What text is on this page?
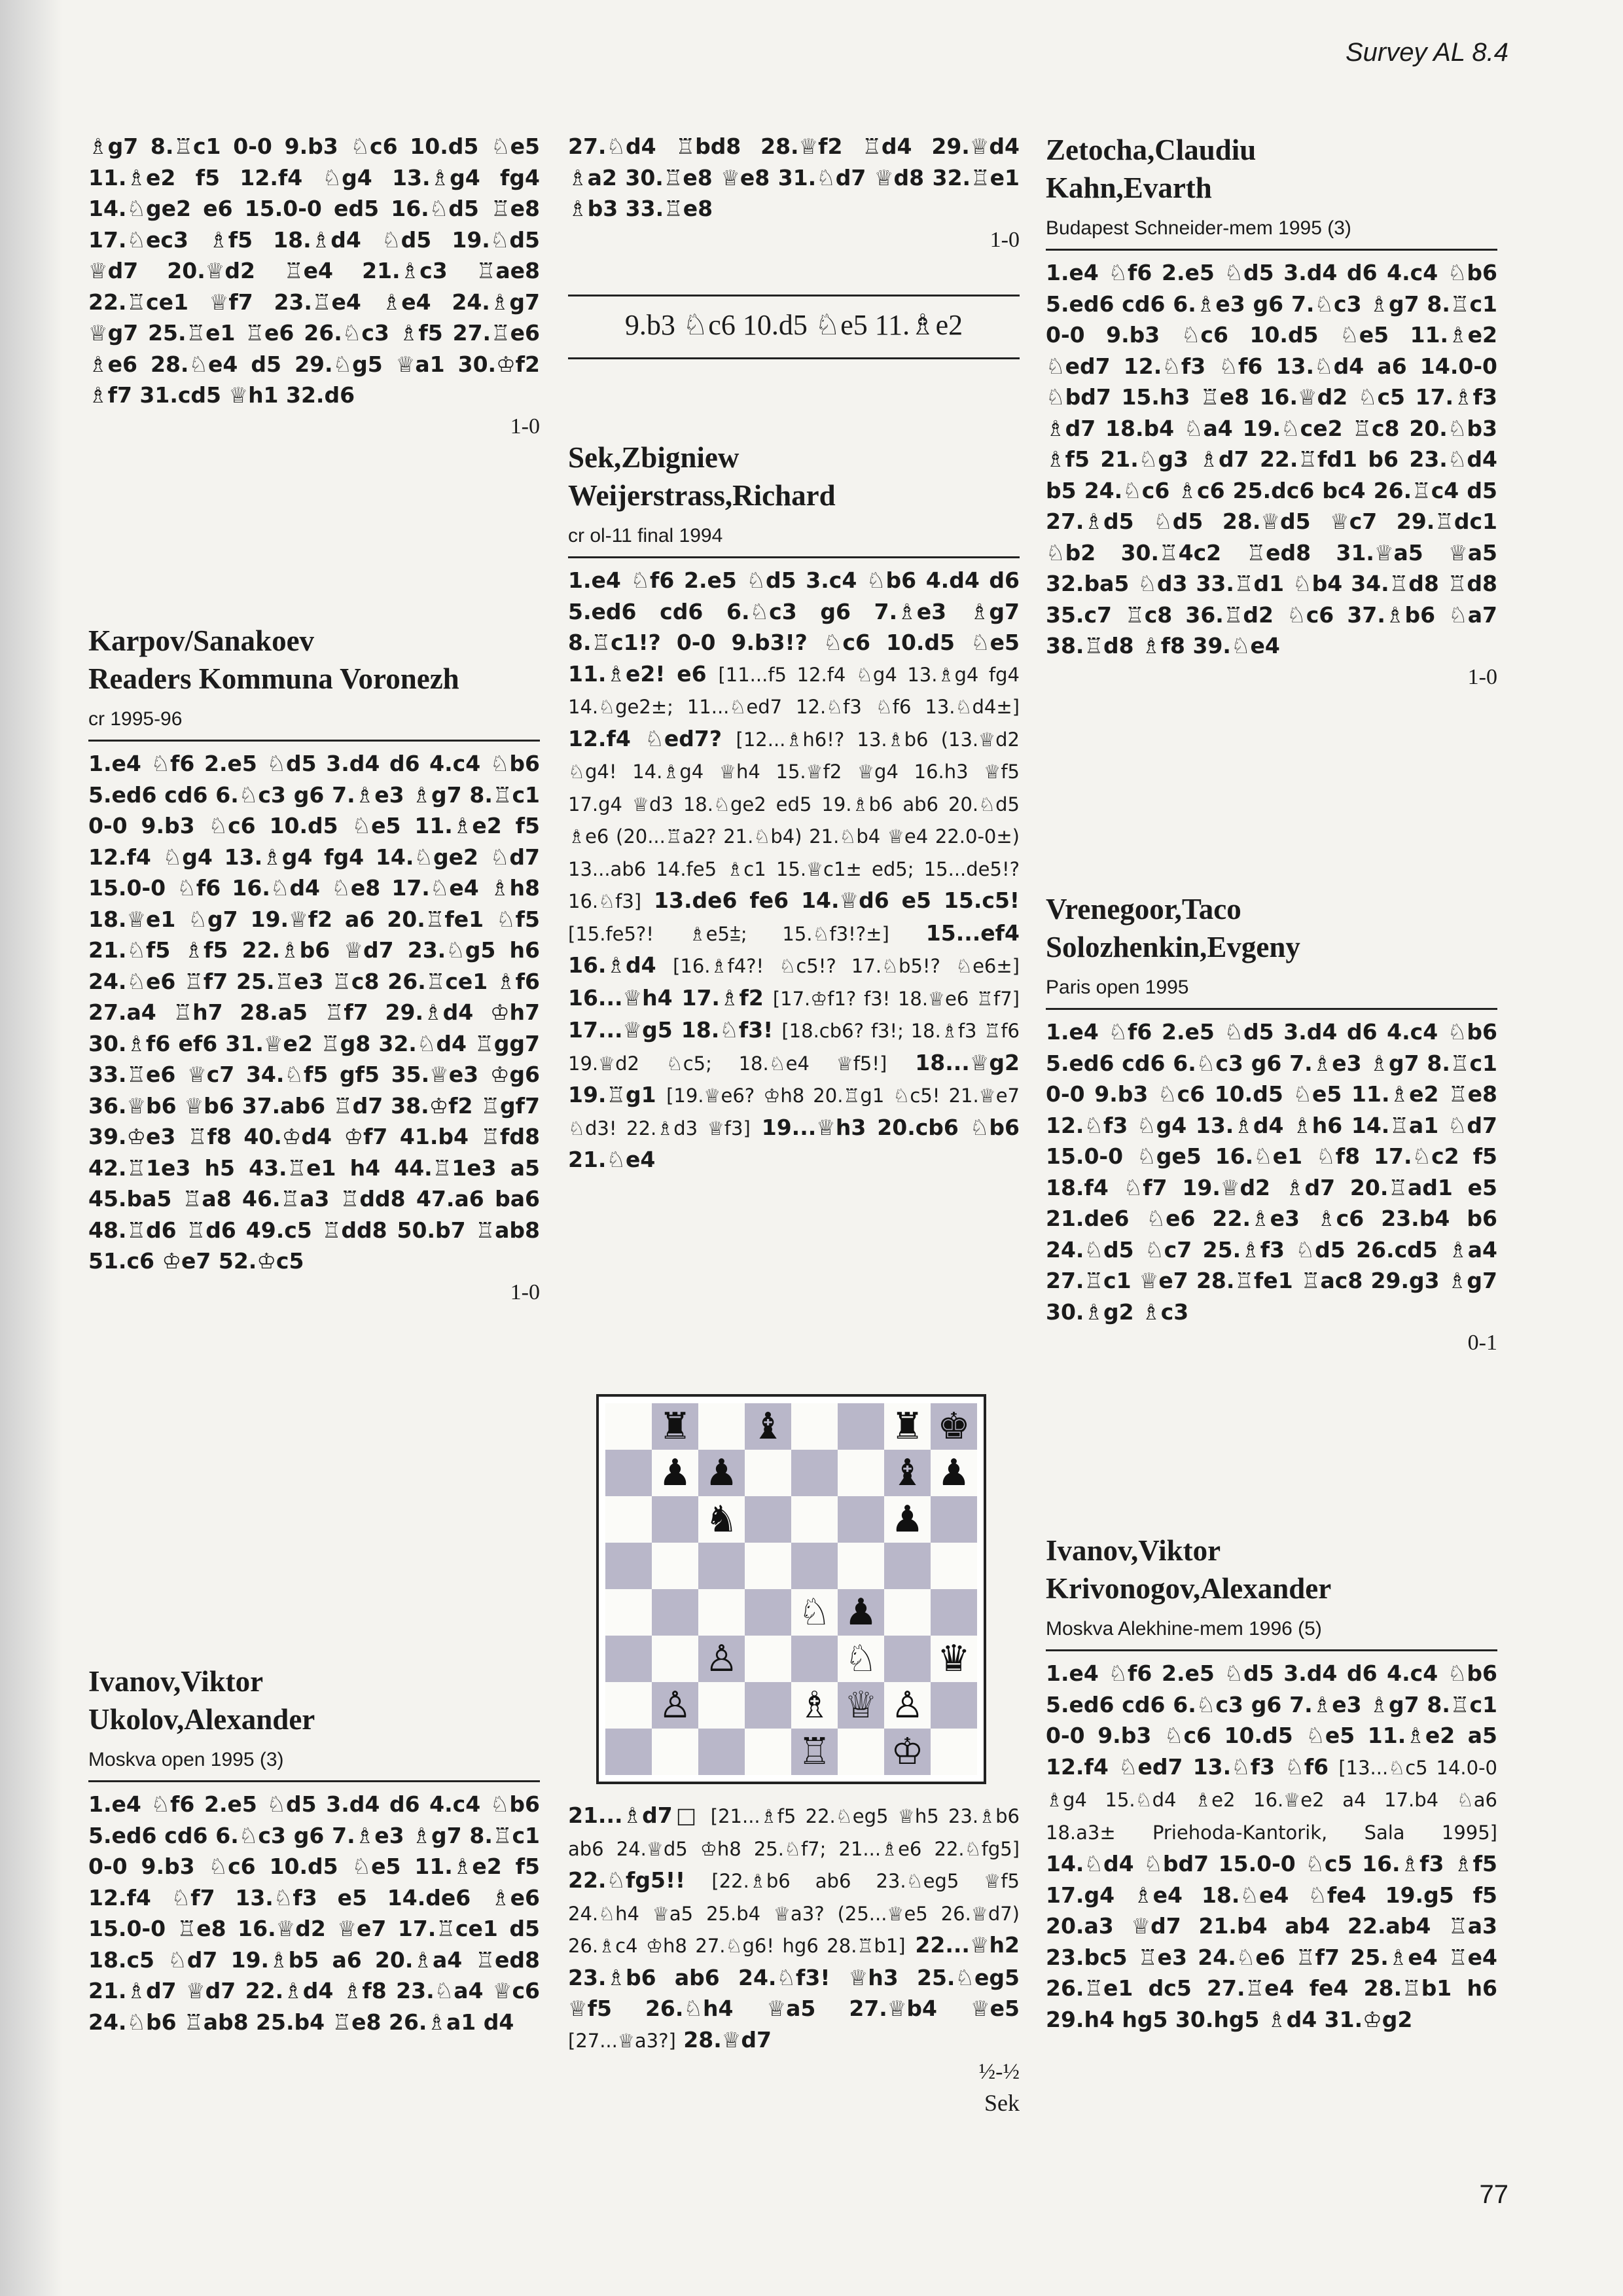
Survey AL 8.4

♗g7 8.♖c1 0-0 9.b3 ♘c6 10.d5 ♘e5 11.♗e2 f5 12.f4 ♘g4 13.♗g4 fg4 14.♘ge2 e6 15.0-0 ed5 16.♘d5 ♖e8 17.♘ec3 ♗f5 18.♗d4 ♘d5 19.♘d5 ♕d7 20.♕d2 ♖e4 21.♗c3 ♖ae8 22.♖ce1 ♕f7 23.♖e4 ♗e4 24.♗g7 ♕g7 25.♖e1 ♖e6 26.♘c3 ♗f5 27.♖e6 ♗e6 28.♘e4 d5 29.♘g5 ♕a1 30.♔f2 ♗f7 31.cd5 ♕h1 32.d6
1-0

Karpov/Sanakoev

Readers Kommuna Voronezh

cr 1995-96

1.e4 ♘f6 2.e5 ♘d5 3.d4 d6 4.c4 ♘b6 5.ed6 cd6 6.♘c3 g6 7.♗e3 ♗g7 8.♖c1 0-0 9.b3 ♘c6 10.d5 ♘e5 11.♗e2 f5 12.f4 ♘g4 13.♗g4 fg4 14.♘ge2 ♘d7 15.0-0 ♘f6 16.♘d4 ♘e8 17.♘e4 ♗h8 18.♕e1 ♘g7 19.♕f2 a6 20.♖fe1 ♘f5 21.♘f5 ♗f5 22.♗b6 ♕d7 23.♘g5 h6 24.♘e6 ♖f7 25.♖e3 ♖c8 26.♖ce1 ♗f6 27.a4 ♖h7 28.a5 ♖f7 29.♗d4 ♔h7 30.♗f6 ef6 31.♕e2 ♖g8 32.♘d4 ♖gg7 33.♖e6 ♕c7 34.♘f5 gf5 35.♕e3 ♔g6 36.♕b6 ♕b6 37.ab6 ♖d7 38.♔f2 ♖gf7 39.♔e3 ♖f8 40.♔d4 ♔f7 41.b4 ♖fd8 42.♖1e3 h5 43.♖e1 h4 44.♖1e3 a5 45.ba5 ♖a8 46.♖a3 ♖dd8 47.a6 ba6 48.♖d6 ♖d6 49.c5 ♖dd8 50.b7 ♖ab8 51.c6 ♔e7 52.♔c5
1-0

Ivanov,Viktor

Ukolov,Alexander

Moskva open 1995 (3)

1.e4 ♘f6 2.e5 ♘d5 3.d4 d6 4.c4 ♘b6 5.ed6 cd6 6.♘c3 g6 7.♗e3 ♗g7 8.♖c1 0-0 9.b3 ♘c6 10.d5 ♘e5 11.♗e2 f5 12.f4 ♘f7 13.♘f3 e5 14.de6 ♗e6 15.0-0 ♖e8 16.♕d2 ♕e7 17.♖ce1 d5 18.c5 ♘d7 19.♗b5 a6 20.♗a4 ♖ed8 21.♗d7 ♕d7 22.♗d4 ♗f8 23.♘a4 ♕c6 24.♘b6 ♖ab8 25.b4 ♖e8 26.♗a1 d4

27.♘d4 ♖bd8 28.♕f2 ♖d4 29.♕d4 ♗a2 30.♖e8 ♕e8 31.♘d7 ♕d8 32.♖e1 ♗b3 33.♖e8
1-0

9.b3 ♘c6 10.d5 ♘e5 11.♗e2

Sek,Zbigniew

Weijerstrass,Richard

cr ol-11 final 1994

1.e4 ♘f6 2.e5 ♘d5 3.c4 ♘b6 4.d4 d6 5.ed6 cd6 6.♘c3 g6 7.♗e3 ♗g7 8.♖c1!? 0-0 9.b3!? ♘c6 10.d5 ♘e5 11.♗e2! e6 [11...f5 12.f4 ♘g4 13.♗g4 fg4 14.♘ge2±; 11...♘ed7 12.♘f3 ♘f6 13.♘d4±] 12.f4 ♘ed7? [12...♗h6!? 13.♗b6 (13.♕d2 ♘g4! 14.♗g4 ♕h4 15.♕f2 ♕g4 16.h3 ♕f5 17.g4 ♕d3 18.♘ge2 ed5 19.♗b6 ab6 20.♘d5 ♗e6 (20...♖a2? 21.♘b4) 21.♘b4 ♕e4 22.0-0±) 13...ab6 14.fe5 ♗c1 15.♕c1± ed5; 15...de5!? 16.♘f3] 13.de6 fe6 14.♕d6 e5 15.c5! [15.fe5?! ♗e5⩲; 15.♘f3!?±] 15...ef4 16.♗d4 [16.♗f4?! ♘c5!? 17.♘b5!? ♘e6±] 16...♕h4 17.♗f2 [17.♔f1? f3! 18.♕e6 ♖f7] 17...♕g5 18.♘f3! [18.cb6? f3!; 18.♗f3 ♖f6 19.♕d2 ♘c5; 18.♘e4 ♕f5!] 18...♕g2 19.♖g1 [19.♕e6? ♔h8 20.♖g1 ♘c5! 21.♕e7 ♘d3! 22.♗d3 ♕f3] 19...♕h3 20.cb6 ♘b6 21.♘e4

♜ ♝	♜ ♚
♟ ♟	♝ ♟
♞	♟
♘ ♟
♙	♘ ♛
♙	♗ ♕ ♙
♖ ♔

21...♗d7□ [21...♗f5 22.♘eg5 ♕h5 23.♗b6 ab6 24.♕d5 ♔h8 25.♘f7; 21...♗e6 22.♘fg5] 22.♘fg5!! [22.♗b6 ab6 23.♘eg5 ♕f5 24.♘h4 ♕a5 25.b4 ♕a3? (25...♕e5 26.♕d7) 26.♗c4 ♔h8 27.♘g6! hg6 28.♖b1] 22...♕h2 23.♗b6 ab6 24.♘f3! ♕h3 25.♘eg5 ♕f5 26.♘h4 ♕a5 27.♕b4 ♕e5 [27...♕a3?] 28.♕d7
½-½
Sek

Zetocha,Claudiu

Kahn,Evarth

Budapest Schneider-mem 1995 (3)

1.e4 ♘f6 2.e5 ♘d5 3.d4 d6 4.c4 ♘b6 5.ed6 cd6 6.♗e3 g6 7.♘c3 ♗g7 8.♖c1 0-0 9.b3 ♘c6 10.d5 ♘e5 11.♗e2 ♘ed7 12.♘f3 ♘f6 13.♘d4 a6 14.0-0 ♘bd7 15.h3 ♖e8 16.♕d2 ♘c5 17.♗f3 ♗d7 18.b4 ♘a4 19.♘ce2 ♖c8 20.♘b3 ♗f5 21.♘g3 ♗d7 22.♖fd1 b6 23.♘d4 b5 24.♘c6 ♗c6 25.dc6 bc4 26.♖c4 d5 27.♗d5 ♘d5 28.♕d5 ♕c7 29.♖dc1 ♘b2 30.♖4c2 ♖ed8 31.♕a5 ♕a5 32.ba5 ♘d3 33.♖d1 ♘b4 34.♖d8 ♖d8 35.c7 ♖c8 36.♖d2 ♘c6 37.♗b6 ♘a7 38.♖d8 ♗f8 39.♘e4
1-0

Vrenegoor,Taco

Solozhenkin,Evgeny

Paris open 1995

1.e4 ♘f6 2.e5 ♘d5 3.d4 d6 4.c4 ♘b6 5.ed6 cd6 6.♘c3 g6 7.♗e3 ♗g7 8.♖c1 0-0 9.b3 ♘c6 10.d5 ♘e5 11.♗e2 ♖e8 12.♘f3 ♘g4 13.♗d4 ♗h6 14.♖a1 ♘d7 15.0-0 ♘ge5 16.♘e1 ♘f8 17.♘c2 f5 18.f4 ♘f7 19.♕d2 ♗d7 20.♖ad1 e5 21.de6 ♘e6 22.♗e3 ♗c6 23.b4 b6 24.♘d5 ♘c7 25.♗f3 ♘d5 26.cd5 ♗a4 27.♖c1 ♕e7 28.♖fe1 ♖ac8 29.g3 ♗g7 30.♗g2 ♗c3
0-1

Ivanov,Viktor

Krivonogov,Alexander

Moskva Alekhine-mem 1996 (5)

1.e4 ♘f6 2.e5 ♘d5 3.d4 d6 4.c4 ♘b6 5.ed6 cd6 6.♘c3 g6 7.♗e3 ♗g7 8.♖c1 0-0 9.b3 ♘c6 10.d5 ♘e5 11.♗e2 a5 12.f4 ♘ed7 13.♘f3 ♘f6 [13...♘c5 14.0-0 ♗g4 15.♘d4 ♗e2 16.♕e2 a4 17.b4 ♘a6 18.a3± Priehoda-Kantorik, Sala 1995] 14.♘d4 ♘bd7 15.0-0 ♘c5 16.♗f3 ♗f5 17.g4 ♗e4 18.♘e4 ♘fe4 19.g5 f5 20.a3 ♕d7 21.b4 ab4 22.ab4 ♖a3 23.bc5 ♖e3 24.♘e6 ♖f7 25.♗e4 ♖e4 26.♖e1 dc5 27.♖e4 fe4 28.♖b1 h6 29.h4 hg5 30.hg5 ♗d4 31.♔g2

77
